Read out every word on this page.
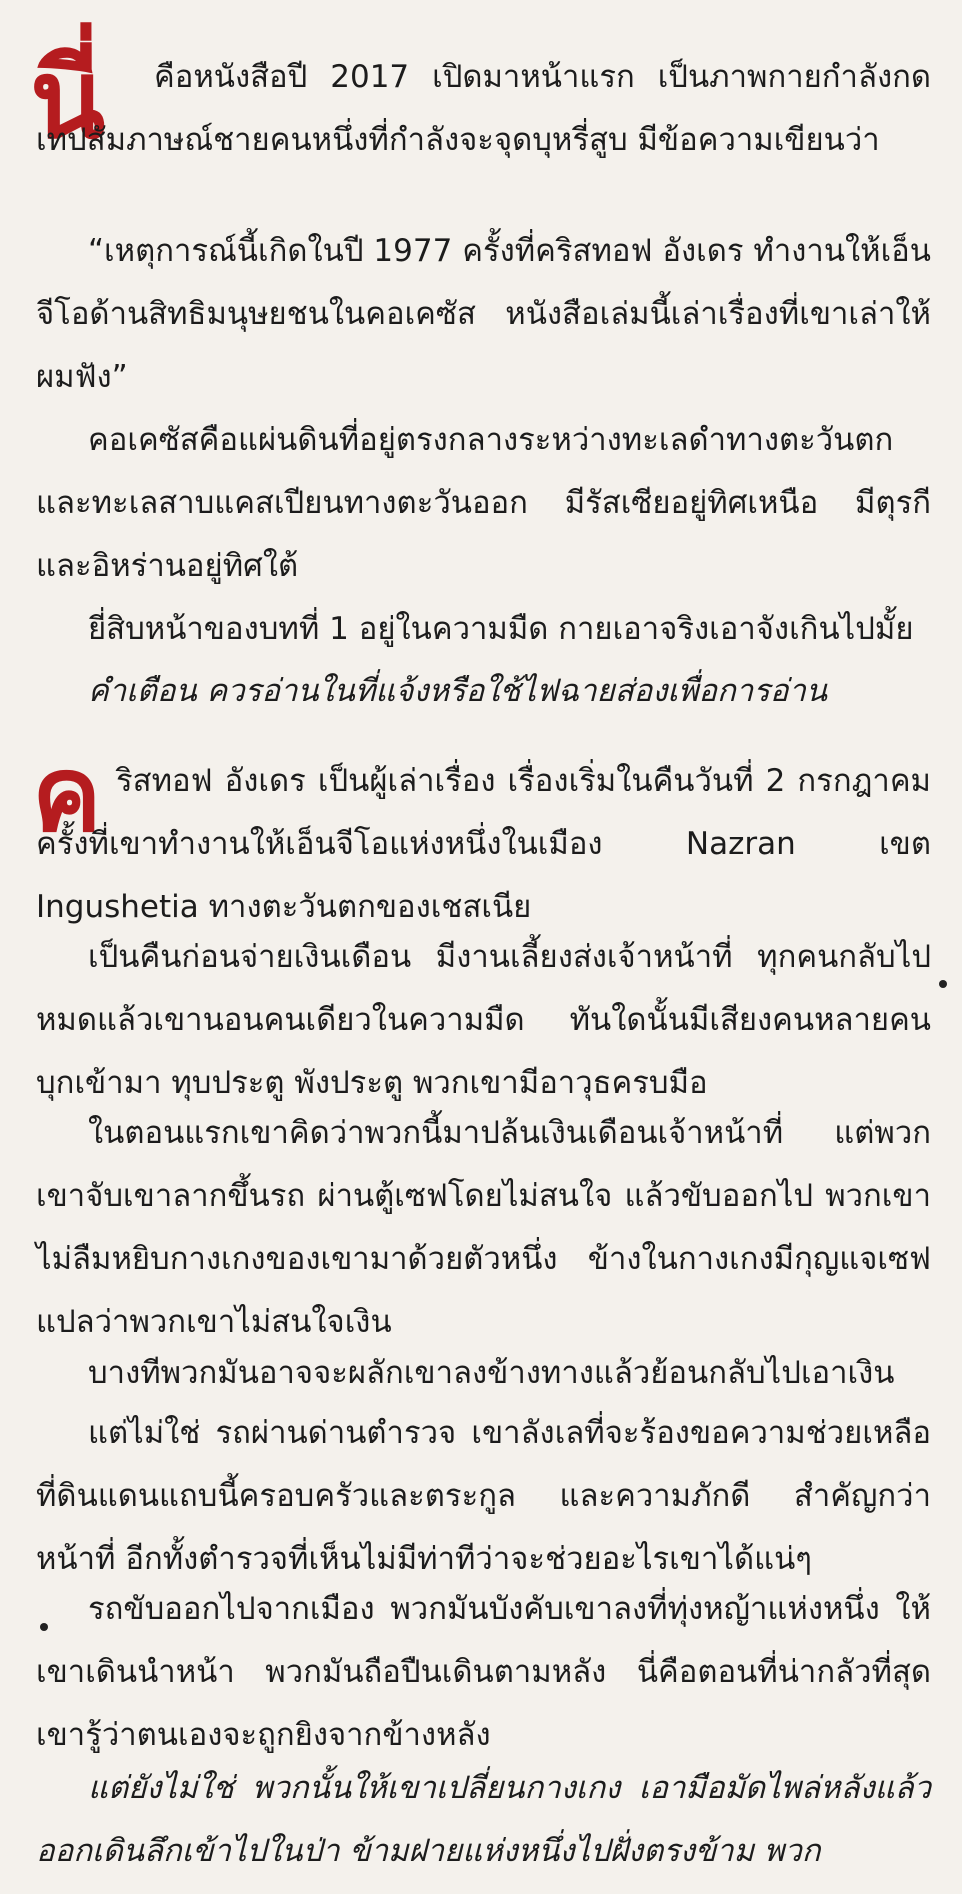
นี่	คือหนังสือปี 2017 เปิดมาหน้าแรก เป็นภาพกายกำลังกดเทปสัมภาษณ์ชายคนหนึ่งที่กำลังจะจุดบุหรี่สูบ มีข้อความเขียนว่า

“เหตุการณ์นี้เกิดในปี 1977 ครั้งที่คริสทอฟ อังเดร ทำงานให้เอ็นจีโอด้านสิทธิมนุษยชนในคอเคซัส หนังสือเล่มนี้เล่าเรื่องที่เขาเล่าให้ผมฟัง”

คอเคซัสคือแผ่นดินที่อยู่ตรงกลางระหว่างทะเลดำทางตะวันตกและทะเลสาบแคสเปียนทางตะวันออก มีรัสเซียอยู่ทิศเหนือ มีตุรกีและอิหร่านอยู่ทิศใต้

ยี่สิบหน้าของบทที่ 1 อยู่ในความมืด กายเอาจริงเอาจังเกินไปมั้ย

คำเตือน ควรอ่านในที่แจ้งหรือใช้ไฟฉายส่องเพื่อการอ่าน

ค ริสทอฟ อังเดร เป็นผู้เล่าเรื่อง เรื่องเริ่มในคืนวันที่ 2 กรกฎาคม ครั้งที่เขาทำงานให้เอ็นจีโอแห่งหนึ่งในเมือง Nazran เขต Ingushetia ทางตะวันตกของเชสเนีย

เป็นคืนก่อนจ่ายเงินเดือน มีงานเลี้ยงส่งเจ้าหน้าที่ ทุกคนกลับไปหมดแล้วเขานอนคนเดียวในความมืด ทันใดนั้นมีเสียงคนหลายคนบุกเข้ามา ทุบประตู พังประตู พวกเขามีอาวุธครบมือ

ในตอนแรกเขาคิดว่าพวกนี้มาปล้นเงินเดือนเจ้าหน้าที่ แต่พวกเขาจับเขาลากขึ้นรถ ผ่านตู้เซฟโดยไม่สนใจ แล้วขับออกไป พวกเขาไม่ลืมหยิบกางเกงของเขามาด้วยตัวหนึ่ง ข้างในกางเกงมีกุญแจเซฟ แปลว่าพวกเขาไม่สนใจเงิน

บางทีพวกมันอาจจะผลักเขาลงข้างทางแล้วย้อนกลับไปเอาเงิน

แต่ไม่ใช่ รถผ่านด่านตำรวจ เขาลังเลที่จะร้องขอความช่วยเหลือที่ดินแดนแถบนี้ครอบครัวและตระกูล และความภักดี สำคัญกว่าหน้าที่ อีกทั้งตำรวจที่เห็นไม่มีท่าทีว่าจะช่วยอะไรเขาได้แน่ๆ

รถขับออกไปจากเมือง พวกมันบังคับเขาลงที่ทุ่งหญ้าแห่งหนึ่ง ให้เขาเดินนำหน้า พวกมันถือปืนเดินตามหลัง นี่คือตอนที่น่ากลัวที่สุด เขารู้ว่าตนเองจะถูกยิงจากข้างหลัง

แต่ยังไม่ใช่ พวกนั้นให้เขาเปลี่ยนกางเกง เอามือมัดไพล่หลังแล้วออกเดินลึกเข้าไปในป่า ข้ามฝายแห่งหนึ่งไปฝั่งตรงข้าม พวก
